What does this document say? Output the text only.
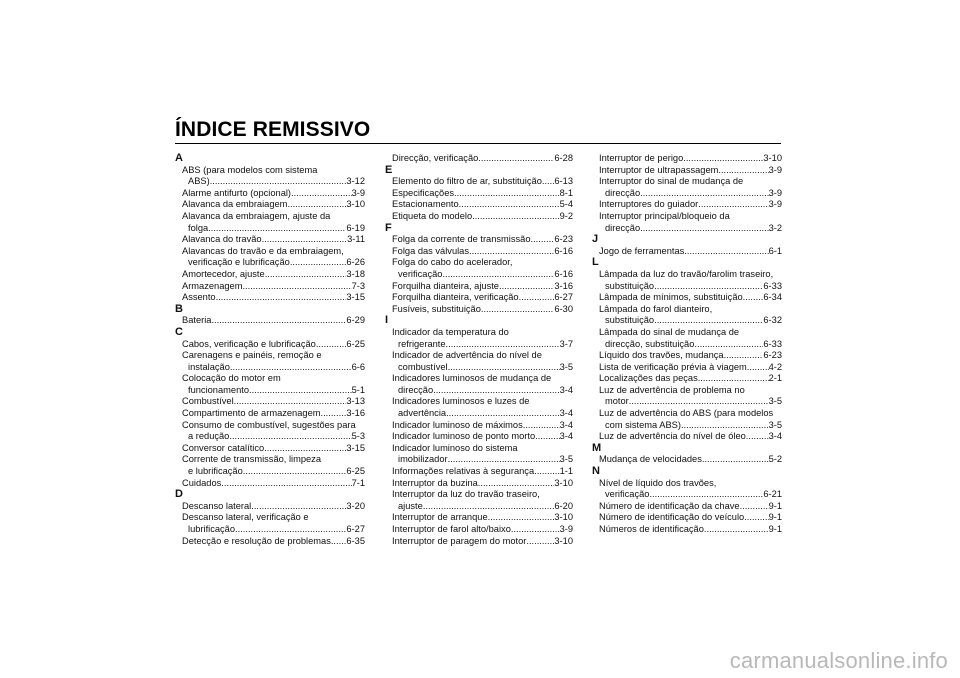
ÍNDICE REMISSIVO
A
ABS (para modelos com sistema
ABS) .....	3-12
Alarme antifurto (opcional) .....	3-9
Alavanca da embraiagem .....	3-10
Alavanca da embraiagem, ajuste da
folga .....	6-19
Alavanca do travão .....	3-11
Alavancas do travão e da embraiagem,
verificação e lubrificação .....	6-26
Amortecedor, ajuste .....	3-18
Armazenagem .....	7-3
Assento .....	3-15
B
Bateria .....	6-29
C
Cabos, verificação e lubrificação .....	6-25
Carenagens e painéis, remoção e
instalação .....	6-6
Colocação do motor em
funcionamento .....	5-1
Combustível .....	3-13
Compartimento de armazenagem .....	3-16
Consumo de combustível, sugestões para
a redução .....	5-3
Conversor catalítico .....	3-15
Corrente de transmissão, limpeza
e lubrificação .....	6-25
Cuidados .....	7-1
D
Descanso lateral .....	3-20
Descanso lateral, verificação e
lubrificação .....	6-27
Detecção e resolução de problemas ..... 6-35
Direcção, verificação .....	6-28
E
Elemento do filtro de ar, substituição ..... 6-13
Especificações .....	8-1
Estacionamento .....	5-4
Etiqueta do modelo .....	9-2
F
Folga da corrente de transmissão .....	6-23
Folga das válvulas .....	6-16
Folga do cabo do acelerador,
verificação .....	6-16
Forquilha dianteira, ajuste .....	3-16
Forquilha dianteira, verificação .....	6-27
Fusíveis, substituição .....	6-30
I
Indicador da temperatura do
refrigerante .....	3-7
Indicador de advertência do nível de
combustível .....	3-5
Indicadores luminosos de mudança de
direcção .....	3-4
Indicadores luminosos e luzes de
advertência .....	3-4
Indicador luminoso de máximos .....	3-4
Indicador luminoso de ponto morto .....	3-4
Indicador luminoso do sistema
imobilizador .....	3-5
Informações relativas à segurança .....	1-1
Interruptor da buzina .....	3-10
Interruptor da luz do travão traseiro,
ajuste .....	6-20
Interruptor de arranque .....	3-10
Interruptor de farol alto/baixo .....	3-9
Interruptor de paragem do motor .....	3-10
Interruptor de perigo .....	3-10
Interruptor de ultrapassagem .....	3-9
Interruptor do sinal de mudança de
direcção .....	3-9
Interruptores do guiador .....	3-9
Interruptor principal/bloqueio da
direcção .....	3-2
J
Jogo de ferramentas .....	6-1
L
Lâmpada da luz do travão/farolim traseiro,
substituição .....	6-33
Lâmpada de mínimos, substituição ..... 6-34
Lâmpada do farol dianteiro,
substituição .....	6-32
Lâmpada do sinal de mudança de
direcção, substituição .....	6-33
Líquido dos travões, mudança .....	6-23
Lista de verificação prévia à viagem ..... 4-2
Localizações das peças .....	2-1
Luz de advertência de problema no
motor .....	3-5
Luz de advertência do ABS (para modelos
com sistema ABS) .....	3-5
Luz de advertência do nível de óleo ..... 3-4
M
Mudança de velocidades .....	5-2
N
Nível de líquido dos travões,
verificação .....	6-21
Número de identificação da chave .....	9-1
Número de identificação do veículo .....	9-1
Números de identificação .....	9-1
carmanualsonline.info
